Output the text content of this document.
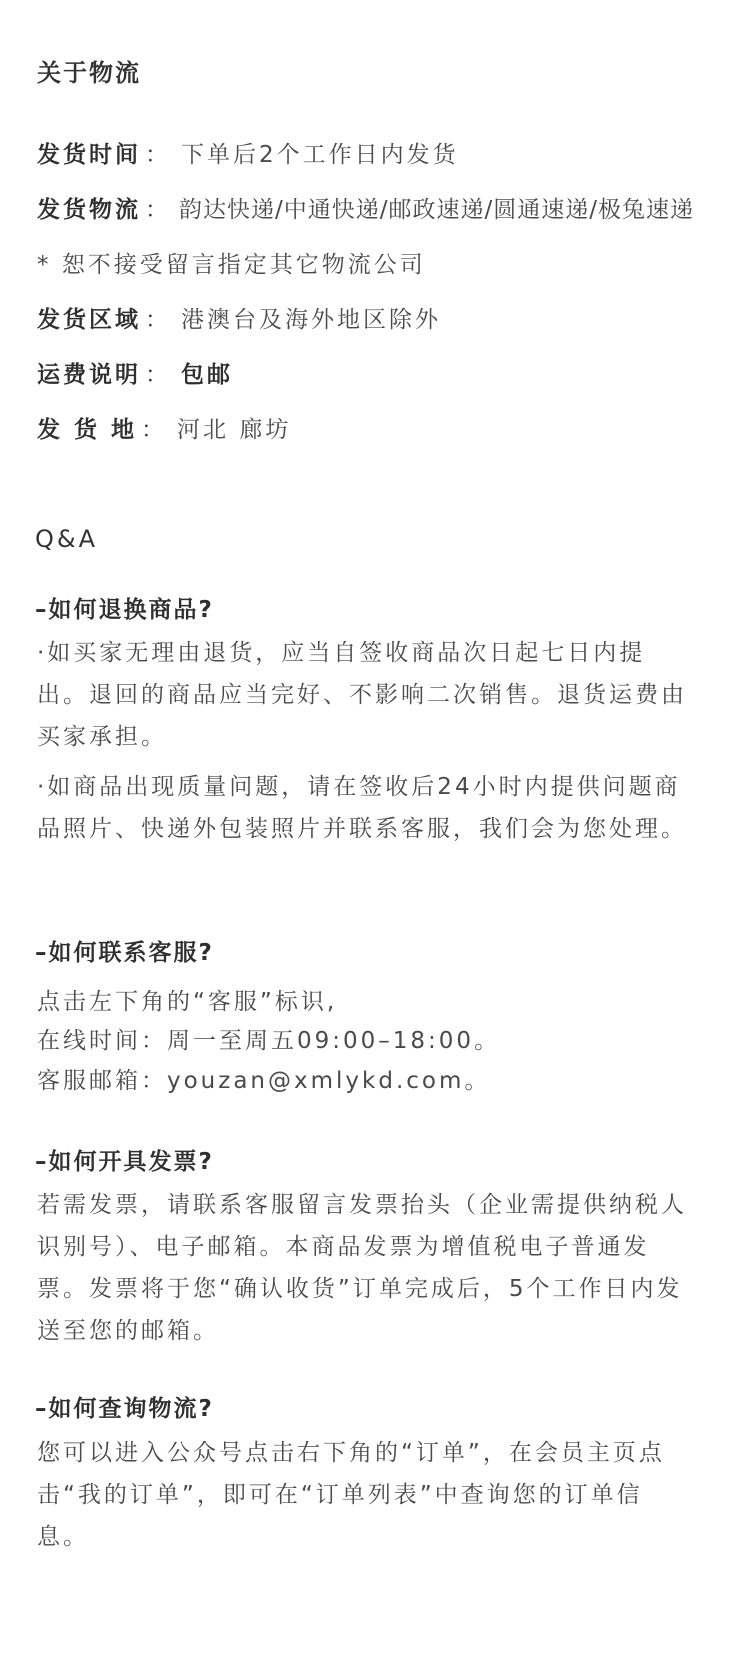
关于物流
发货时间 ： 下单后2个工作日内发货
发货物流 ： 韵达快递/中通快递/邮政速递/圆通速递/极兔速递
* 恕不接受留言指定其它物流公司
发货区域 ： 港澳台及海外地区除外
运费说明 ： 包邮
发 货 地 ： 河北 廊坊
Q&A
–如何退换商品?
·如买家无理由退货，应当自签收商品次日起七日内提出。退回的商品应当完好、不影响二次销售。退货运费由买家承担。
·如商品出现质量问题，请在签收后24小时内提供问题商品照片、快递外包装照片并联系客服，我们会为您处理。
–如何联系客服?
点击左下角的“客服”标识,
在线时间：周一至周五09:00–18:00。
客服邮箱：youzan@xmlykd.com。
–如何开具发票?
若需发票，请联系客服留言发票抬头（企业需提供纳税人识别号）、电子邮箱。本商品发票为增值税电子普通发票。发票将于您“确认收货”订单完成后，5个工作日内发送至您的邮箱。
–如何查询物流?
您可以进入公众号点击右下角的“订单”，在会员主页点击“我的订单”，即可在“订单列表”中查询您的订单信息。
